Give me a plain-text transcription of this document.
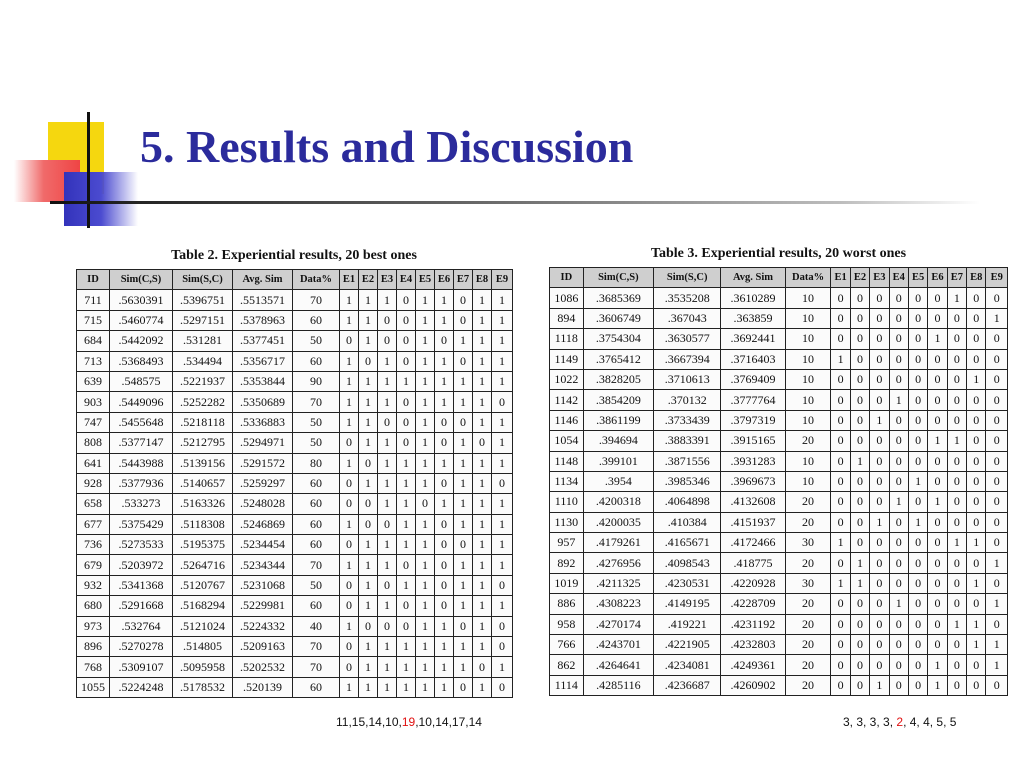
5. Results and Discussion
Table 2. Experiential results, 20 best ones
ID	Sim(C,S)	Sim(S,C)	Avg. Sim	Data%	E1	E2	E3	E4	E5	E6	E7	E8	E9
711	.5630391	.5396751	.5513571	70	1	1	1	0	1	1	0	1	1
715	.5460774	.5297151	.5378963	60	1	1	0	0	1	1	0	1	1
684	.5442092	.531281	.5377451	50	0	1	0	0	1	0	1	1	1
713	.5368493	.534494	.5356717	60	1	0	1	0	1	1	0	1	1
639	.548575	.5221937	.5353844	90	1	1	1	1	1	1	1	1	1
903	.5449096	.5252282	.5350689	70	1	1	1	0	1	1	1	1	0
747	.5455648	.5218118	.5336883	50	1	1	0	0	1	0	0	1	1
808	.5377147	.5212795	.5294971	50	0	1	1	0	1	0	1	0	1
641	.5443988	.5139156	.5291572	80	1	0	1	1	1	1	1	1	1
928	.5377936	.5140657	.5259297	60	0	1	1	1	1	0	1	1	0
658	.533273	.5163326	.5248028	60	0	0	1	1	0	1	1	1	1
677	.5375429	.5118308	.5246869	60	1	0	0	1	1	0	1	1	1
736	.5273533	.5195375	.5234454	60	0	1	1	1	1	0	0	1	1
679	.5203972	.5264716	.5234344	70	1	1	1	0	1	0	1	1	1
932	.5341368	.5120767	.5231068	50	0	1	0	1	1	0	1	1	0
680	.5291668	.5168294	.5229981	60	0	1	1	0	1	0	1	1	1
973	.532764	.5121024	.5224332	40	1	0	0	0	1	1	0	1	0
896	.5270278	.514805	.5209163	70	0	1	1	1	1	1	1	1	0
768	.5309107	.5095958	.5202532	70	0	1	1	1	1	1	1	0	1
1055	.5224248	.5178532	.520139	60	1	1	1	1	1	1	0	1	0
11,15,14,10,19,10,14,17,14
Table 3. Experiential results, 20 worst ones
ID	Sim(C,S)	Sim(S,C)	Avg. Sim	Data%	E1	E2	E3	E4	E5	E6	E7	E8	E9
1086	.3685369	.3535208	.3610289	10	0	0	0	0	0	0	1	0	0
894	.3606749	.367043	.363859	10	0	0	0	0	0	0	0	0	1
1118	.3754304	.3630577	.3692441	10	0	0	0	0	0	1	0	0	0
1149	.3765412	.3667394	.3716403	10	1	0	0	0	0	0	0	0	0
1022	.3828205	.3710613	.3769409	10	0	0	0	0	0	0	0	1	0
1142	.3854209	.370132	.3777764	10	0	0	0	1	0	0	0	0	0
1146	.3861199	.3733439	.3797319	10	0	0	1	0	0	0	0	0	0
1054	.394694	.3883391	.3915165	20	0	0	0	0	0	1	1	0	0
1148	.399101	.3871556	.3931283	10	0	1	0	0	0	0	0	0	0
1134	.3954	.3985346	.3969673	10	0	0	0	0	1	0	0	0	0
1110	.4200318	.4064898	.4132608	20	0	0	0	1	0	1	0	0	0
1130	.4200035	.410384	.4151937	20	0	0	1	0	1	0	0	0	0
957	.4179261	.4165671	.4172466	30	1	0	0	0	0	0	1	1	0
892	.4276956	.4098543	.418775	20	0	1	0	0	0	0	0	0	1
1019	.4211325	.4230531	.4220928	30	1	1	0	0	0	0	0	1	0
886	.4308223	.4149195	.4228709	20	0	0	0	1	0	0	0	0	1
958	.4270174	.419221	.4231192	20	0	0	0	0	0	0	1	1	0
766	.4243701	.4221905	.4232803	20	0	0	0	0	0	0	0	1	1
862	.4264641	.4234081	.4249361	20	0	0	0	0	0	1	0	0	1
1114	.4285116	.4236687	.4260902	20	0	0	1	0	0	1	0	0	0
3, 3, 3, 3, 2, 4, 4, 5, 5
